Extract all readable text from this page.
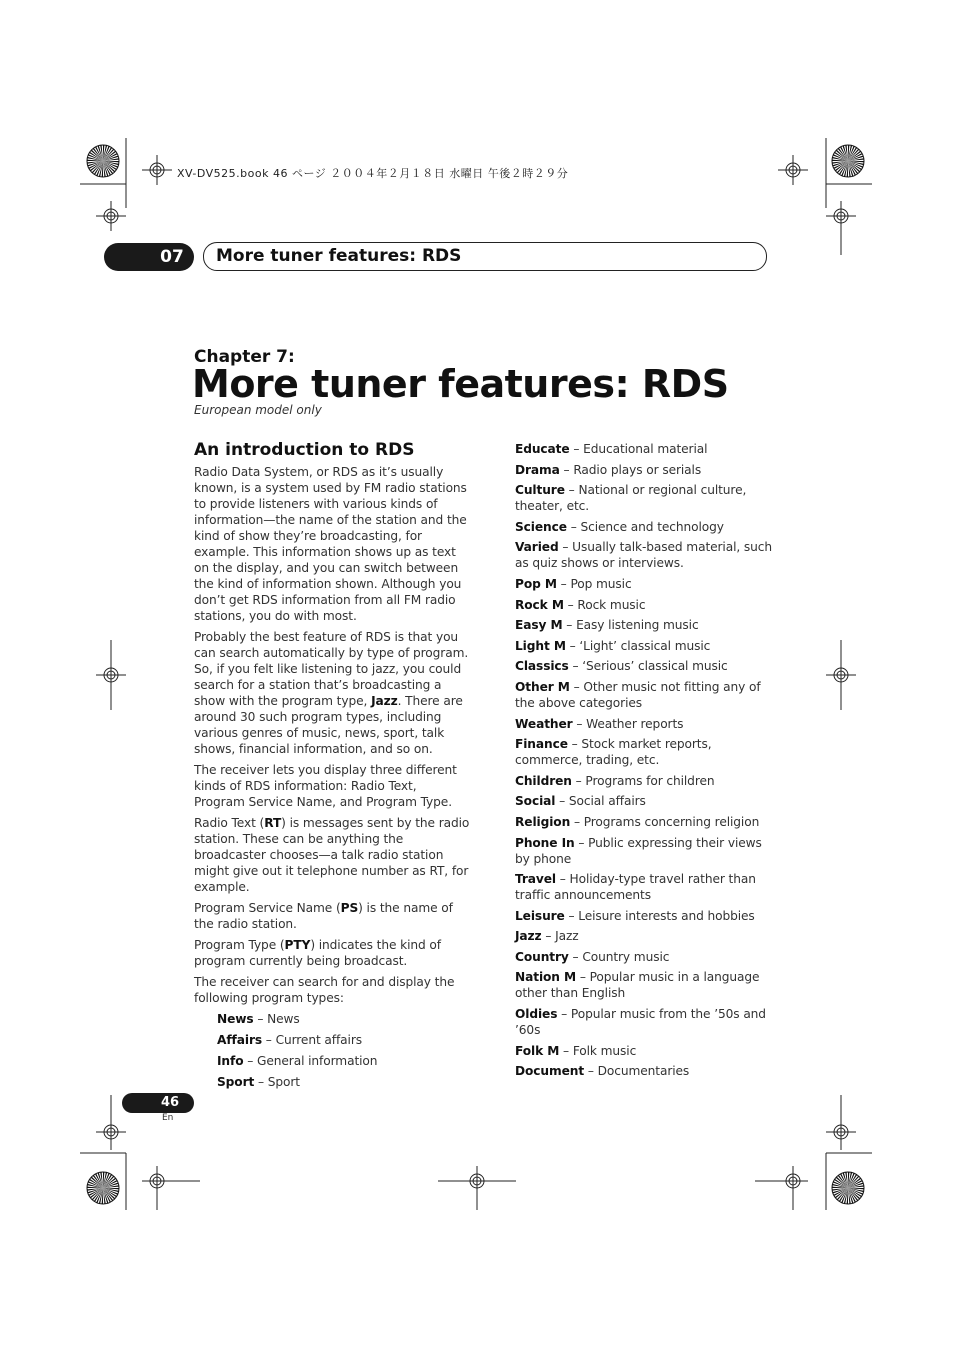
XV-DV525.book 46 ページ ２００４年２月１８日 水曜日 午後２時２９分
07	More tuner features: RDS
Chapter 7:
More tuner features: RDS
European model only
An introduction to RDS

Radio Data System, or RDS as it’s usually known, is a system used by FM radio stations to provide listeners with various kinds of information—the name of the station and the kind of show they’re broadcasting, for example. This information shows up as text on the display, and you can switch between the kind of information shown. Although you don’t get RDS information from all FM radio stations, you do with most.

Probably the best feature of RDS is that you can search automatically by type of program. So, if you felt like listening to jazz, you could search for a station that’s broadcasting a show with the program type, Jazz. There are around 30 such program types, including various genres of music, news, sport, talk shows, financial information, and so on.

The receiver lets you display three different kinds of RDS information: Radio Text, Program Service Name, and Program Type.

Radio Text (RT) is messages sent by the radio station. These can be anything the broadcaster chooses—a talk radio station might give out it telephone number as RT, for example.

Program Service Name (PS) is the name of the radio station.

Program Type (PTY) indicates the kind of program currently being broadcast.

The receiver can search for and display the following program types:

News – News
Affairs – Current affairs
Info – General information
Sport – Sport
Educate – Educational material
Drama – Radio plays or serials
Culture – National or regional culture, theater, etc.
Science – Science and technology
Varied – Usually talk-based material, such as quiz shows or interviews.
Pop M – Pop music
Rock M – Rock music
Easy M – Easy listening music
Light M – ‘Light’ classical music
Classics – ‘Serious’ classical music
Other M – Other music not fitting any of the above categories
Weather – Weather reports
Finance – Stock market reports, commerce, trading, etc.
Children – Programs for children
Social – Social affairs
Religion – Programs concerning religion
Phone In – Public expressing their views by phone
Travel – Holiday-type travel rather than traffic announcements
Leisure – Leisure interests and hobbies
Jazz – Jazz
Country – Country music
Nation M – Popular music in a language other than English
Oldies – Popular music from the ’50s and ’60s
Folk M – Folk music
Document – Documentaries
46
En
